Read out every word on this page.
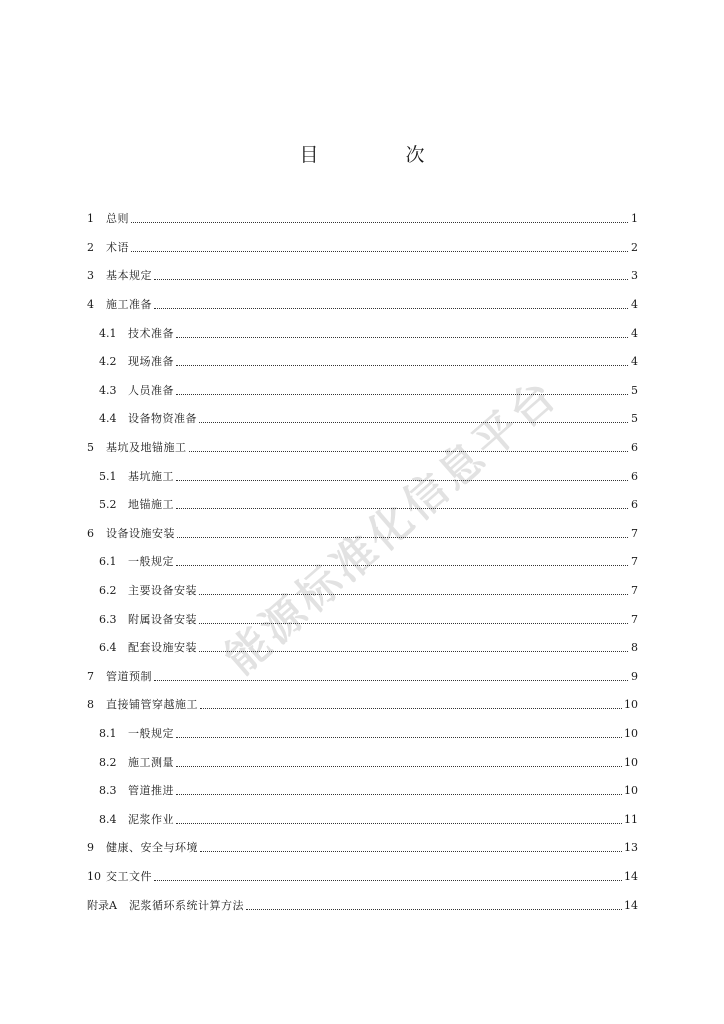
能源标准化信息平台
目　次
1	总则	1
2	术语	2
3	基本规定	3
4	施工准备	4
4.1	技术准备	4
4.2	现场准备	4
4.3	人员准备	5
4.4	设备物资准备	5
5	基坑及地锚施工	6
5.1	基坑施工	6
5.2	地锚施工	6
6	设备设施安装	7
6.1	一般规定	7
6.2	主要设备安装	7
6.3	附属设备安装	7
6.4	配套设施安装	8
7	管道预制	9
8	直接铺管穿越施工	10
8.1	一般规定	10
8.2	施工测量	10
8.3	管道推进	10
8.4	泥浆作业	11
9	健康、安全与环境	13
10 交工文件	14
附录A 泥浆循环系统计算方法	14
